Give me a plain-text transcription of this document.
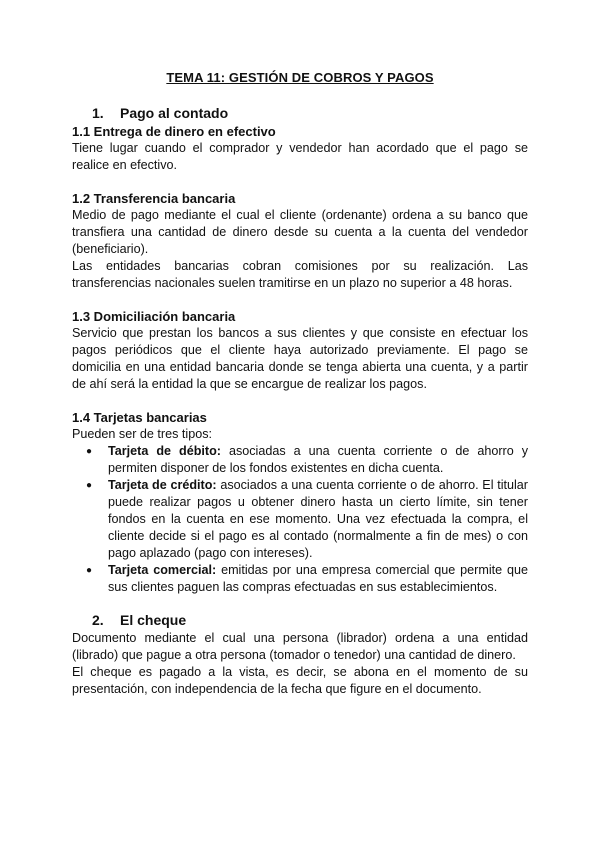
TEMA 11: GESTIÓN DE COBROS Y PAGOS
1.	Pago al contado
1.1 Entrega de dinero en efectivo

Tiene lugar cuando el comprador y vendedor han acordado que el pago se realice en efectivo.

1.2 Transferencia bancaria

Medio de pago mediante el cual el cliente (ordenante) ordena a su banco que transfiera una cantidad de dinero desde su cuenta a la cuenta del vendedor (beneficiario).

Las entidades bancarias cobran comisiones por su realización. Las transferencias nacionales suelen tramitirse en un plazo no superior a 48 horas.

1.3 Domiciliación bancaria

Servicio que prestan los bancos a sus clientes y que consiste en efectuar los pagos periódicos que el cliente haya autorizado previamente. El pago se domicilia en una entidad bancaria donde se tenga abierta una cuenta, y a partir de ahí será la entidad la que se encargue de realizar los pagos.

1.4 Tarjetas bancarias

Pueden ser de tres tipos:

● Tarjeta de débito: asociadas a una cuenta corriente o de ahorro y permiten disponer de los fondos existentes en dicha cuenta.
● Tarjeta de crédito: asociados a una cuenta corriente o de ahorro. El titular puede realizar pagos u obtener dinero hasta un cierto límite, sin tener fondos en la cuenta en ese momento. Una vez efectuada la compra, el cliente decide si el pago es al contado (normalmente a fin de mes) o con pago aplazado (pago con intereses).
● Tarjeta comercial: emitidas por una empresa comercial que permite que sus clientes paguen las compras efectuadas en sus establecimientos.
2.	El cheque

Documento mediante el cual una persona (librador) ordena a una entidad (librado) que pague a otra persona (tomador o tenedor) una cantidad de dinero.

El cheque es pagado a la vista, es decir, se abona en el momento de su presentación, con independencia de la fecha que figure en el documento.
